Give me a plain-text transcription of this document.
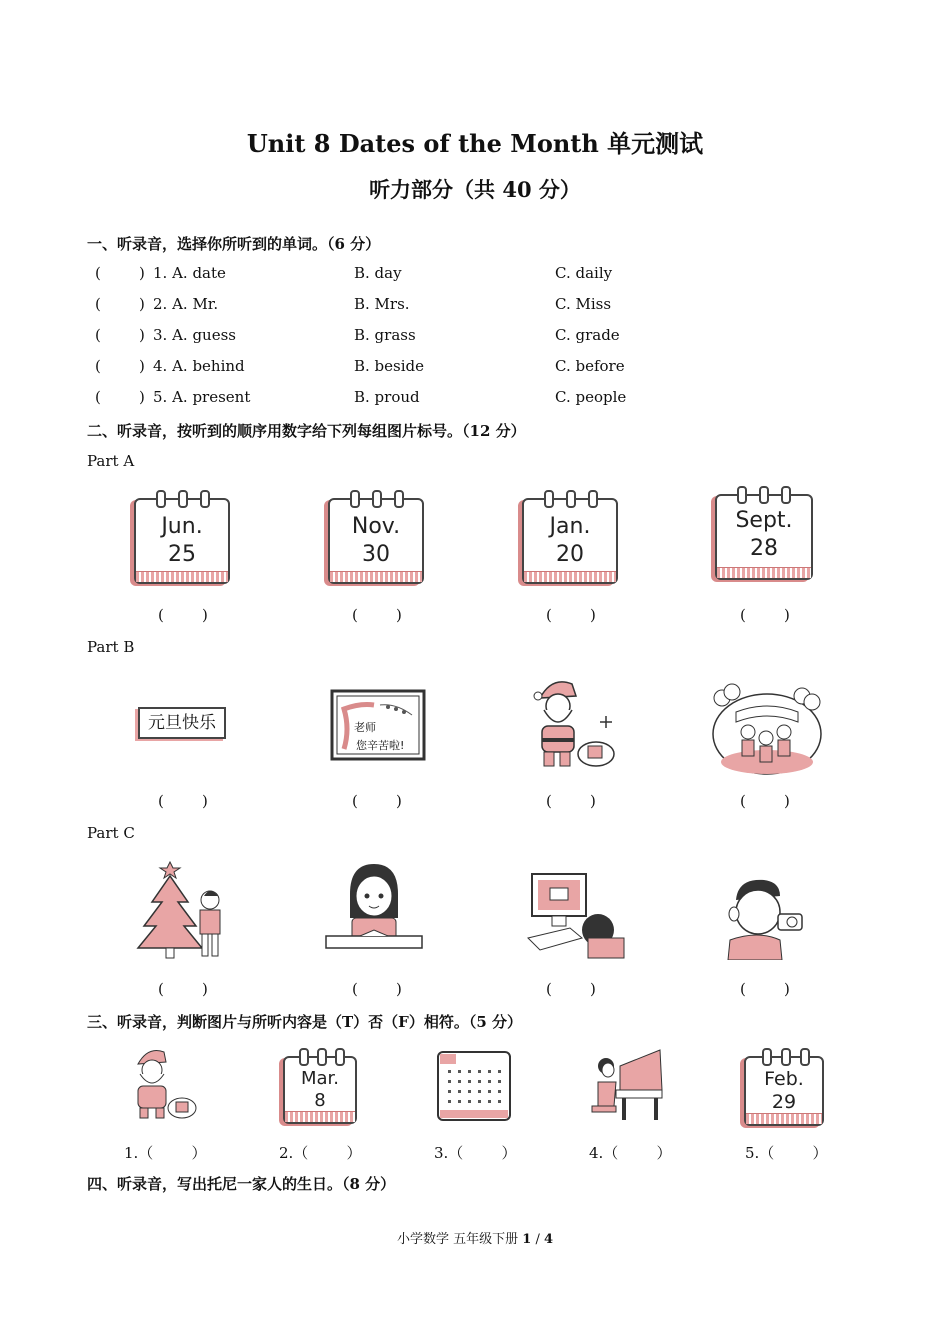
Unit 8 Dates of the Month 单元测试
听力部分（共 40 分）
一、听录音，选择你所听到的单词。（6 分）
(        ) 1. A. date	B. day	C. daily
(        ) 2. A. Mr.	B. Mrs.	C. Miss
(        ) 3. A. guess	B. grass	C. grade
(        ) 4. A. behind	B. beside	C. before
(        ) 5. A. present	B. proud	C. people
二、听录音，按听到的顺序用数字给下列每组图片标号。（12 分）
Part A
Jun.
25
Nov.
30
Jan.
20
Sept.
28
(        )	(        )	(        )	(        )
Part B
元旦快乐	老师
您辛苦啦!
(        )	(        )	(        )	(        )
Part C
(        )	(        )	(        )	(        )
三、听录音，判断图片与所听内容是（T）否（F）相符。（5 分）
Mar.
8
Feb.
29
1.（        ）	2.（        ）	3.（        ）	4.（        ）	5.（        ）
四、听录音，写出托尼一家人的生日。（8 分）
小学数学 五年级下册 1 / 4
